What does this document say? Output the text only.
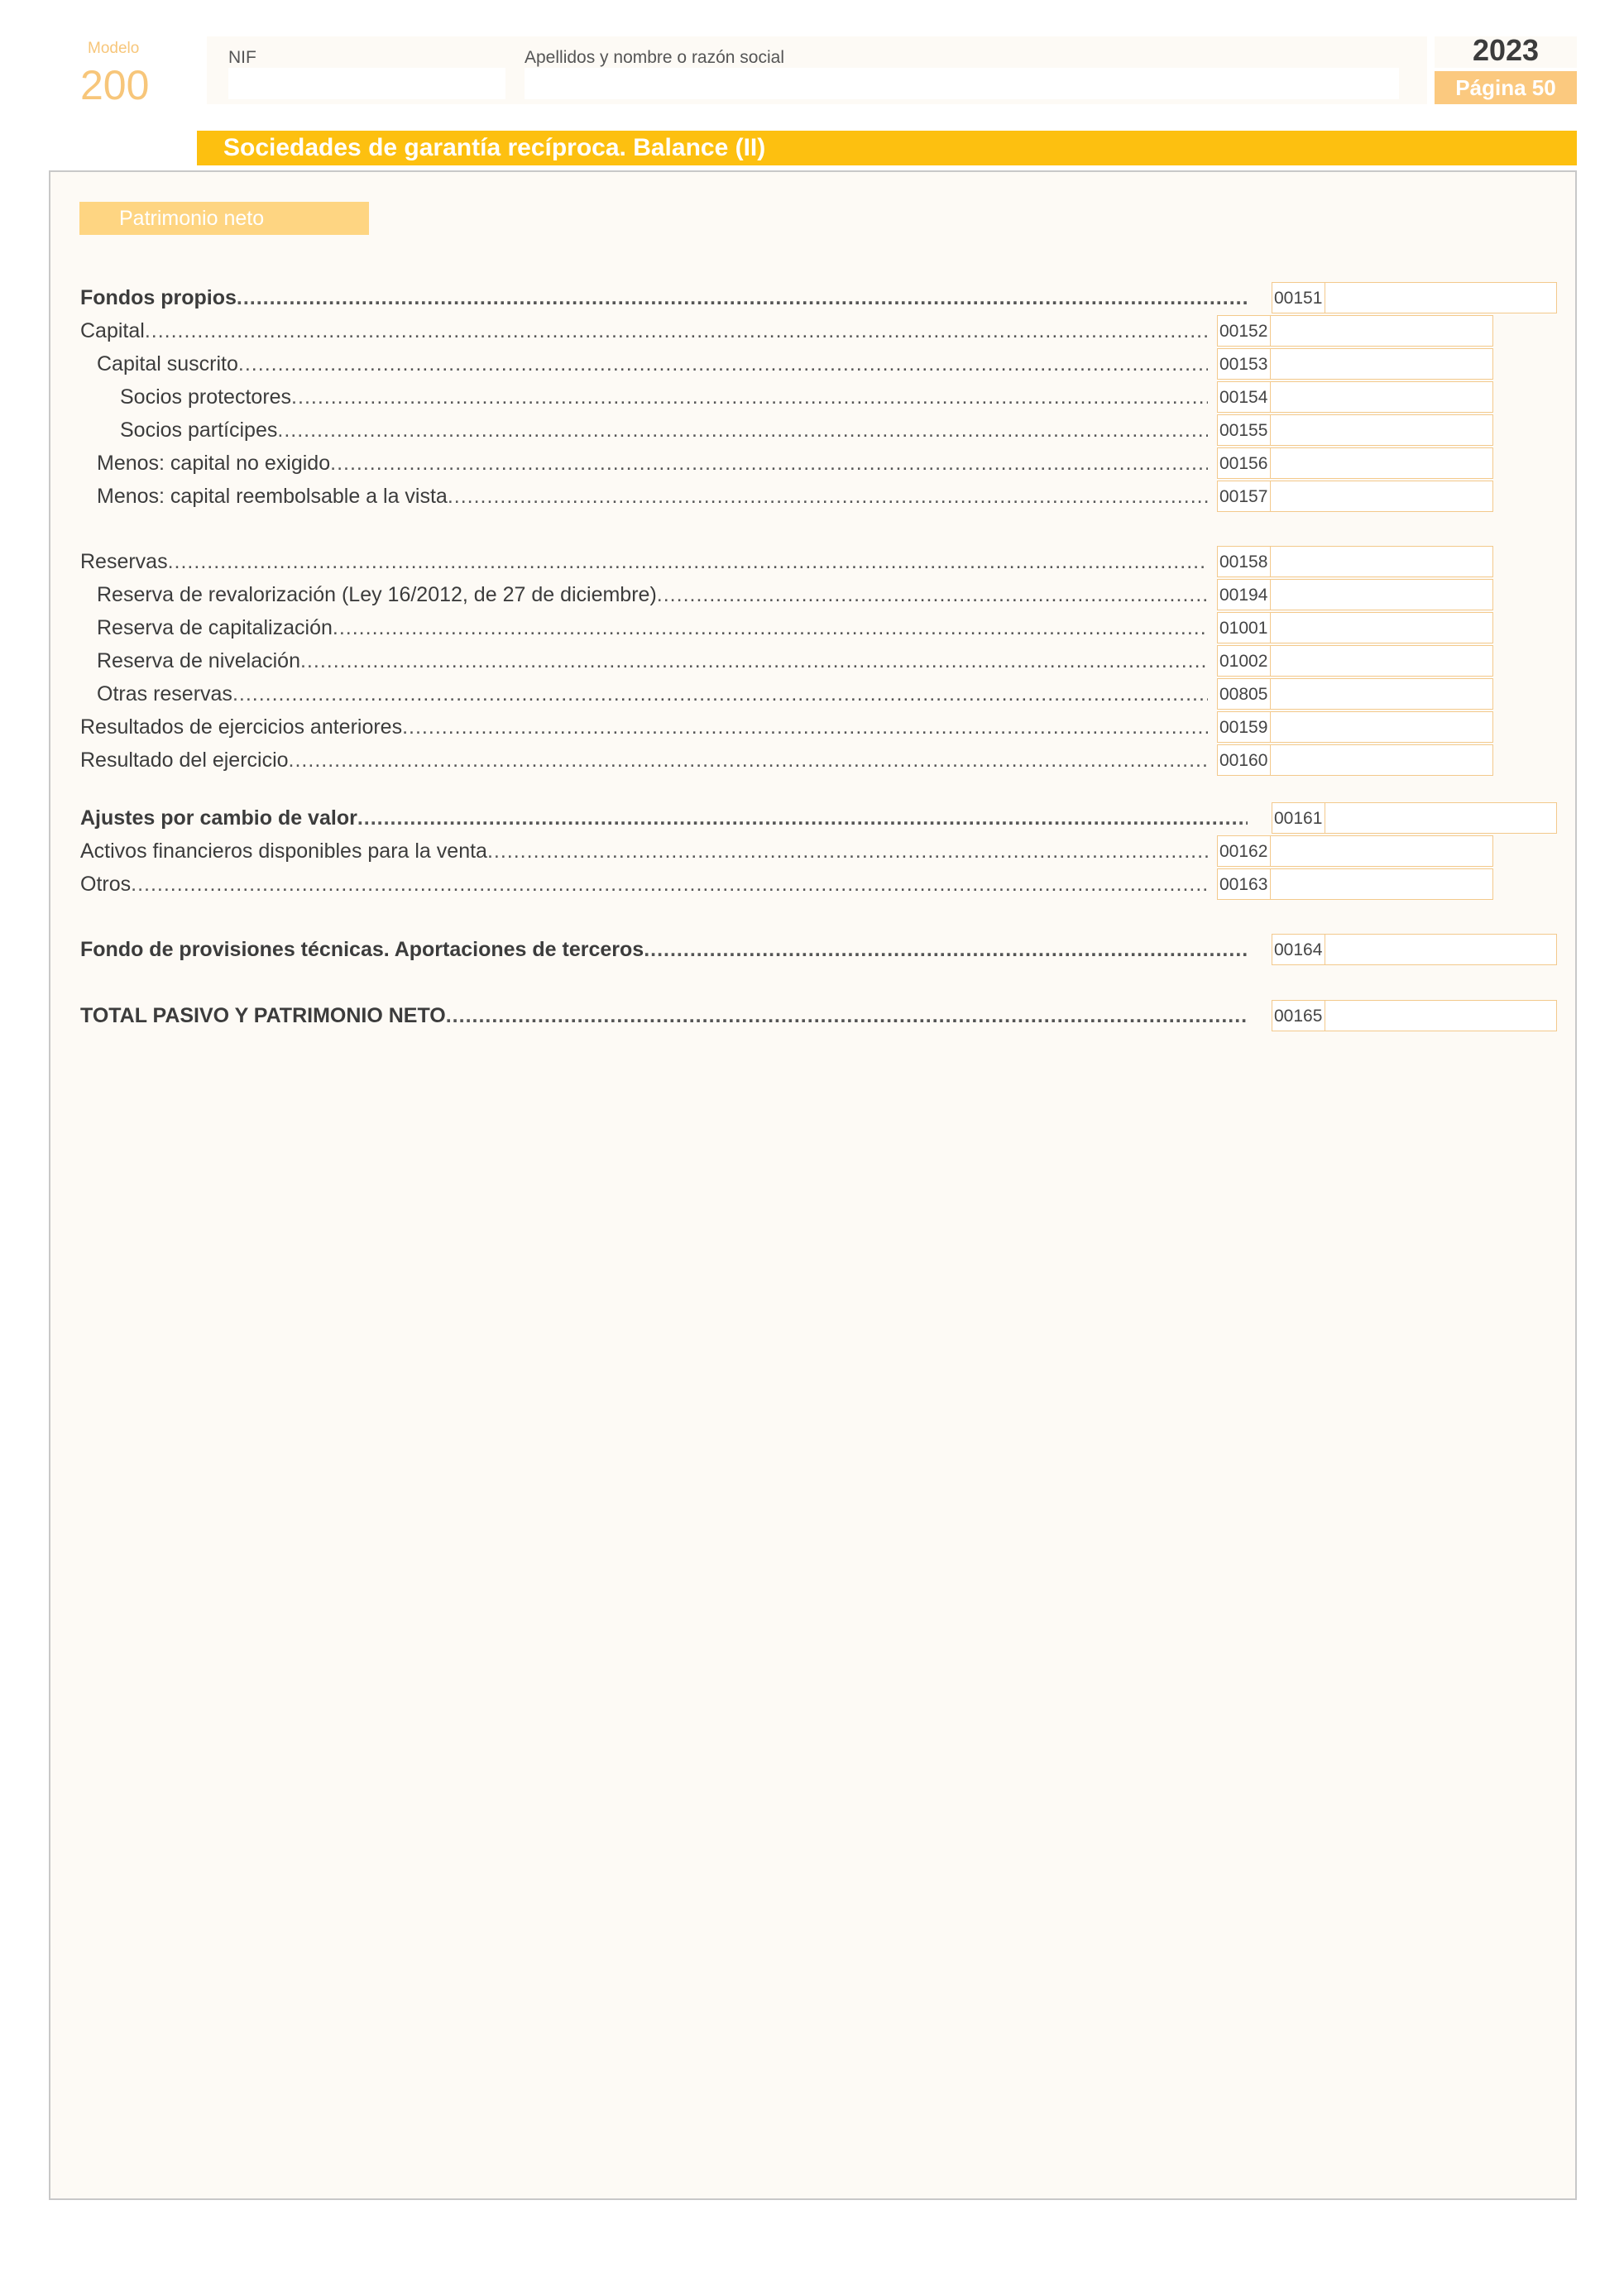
Modelo
200
NIF	Apellidos y nombre o razón social	2023
Página 50
Sociedades de garantía recíproca. Balance (II)
Patrimonio neto
Fondos propios .....	00151
Capital .....	00152
Capital suscrito .....	00153
Socios protectores .....	00154
Socios partícipes .....	00155
Menos: capital no exigido .....	00156
Menos: capital reembolsable a la vista .....	00157
Reservas .....	00158
Reserva de revalorización (Ley 16/2012, de 27 de diciembre) .....	00194
Reserva de capitalización .....	01001
Reserva de nivelación .....	01002
Otras reservas .....	00805
Resultados de ejercicios anteriores .....	00159
Resultado del ejercicio .....	00160
Ajustes por cambio de valor .....	00161
Activos financieros disponibles para la venta .....	00162
Otros .....	00163
Fondo de provisiones técnicas. Aportaciones de terceros .....	00164
TOTAL PASIVO Y PATRIMONIO NETO .....	00165
